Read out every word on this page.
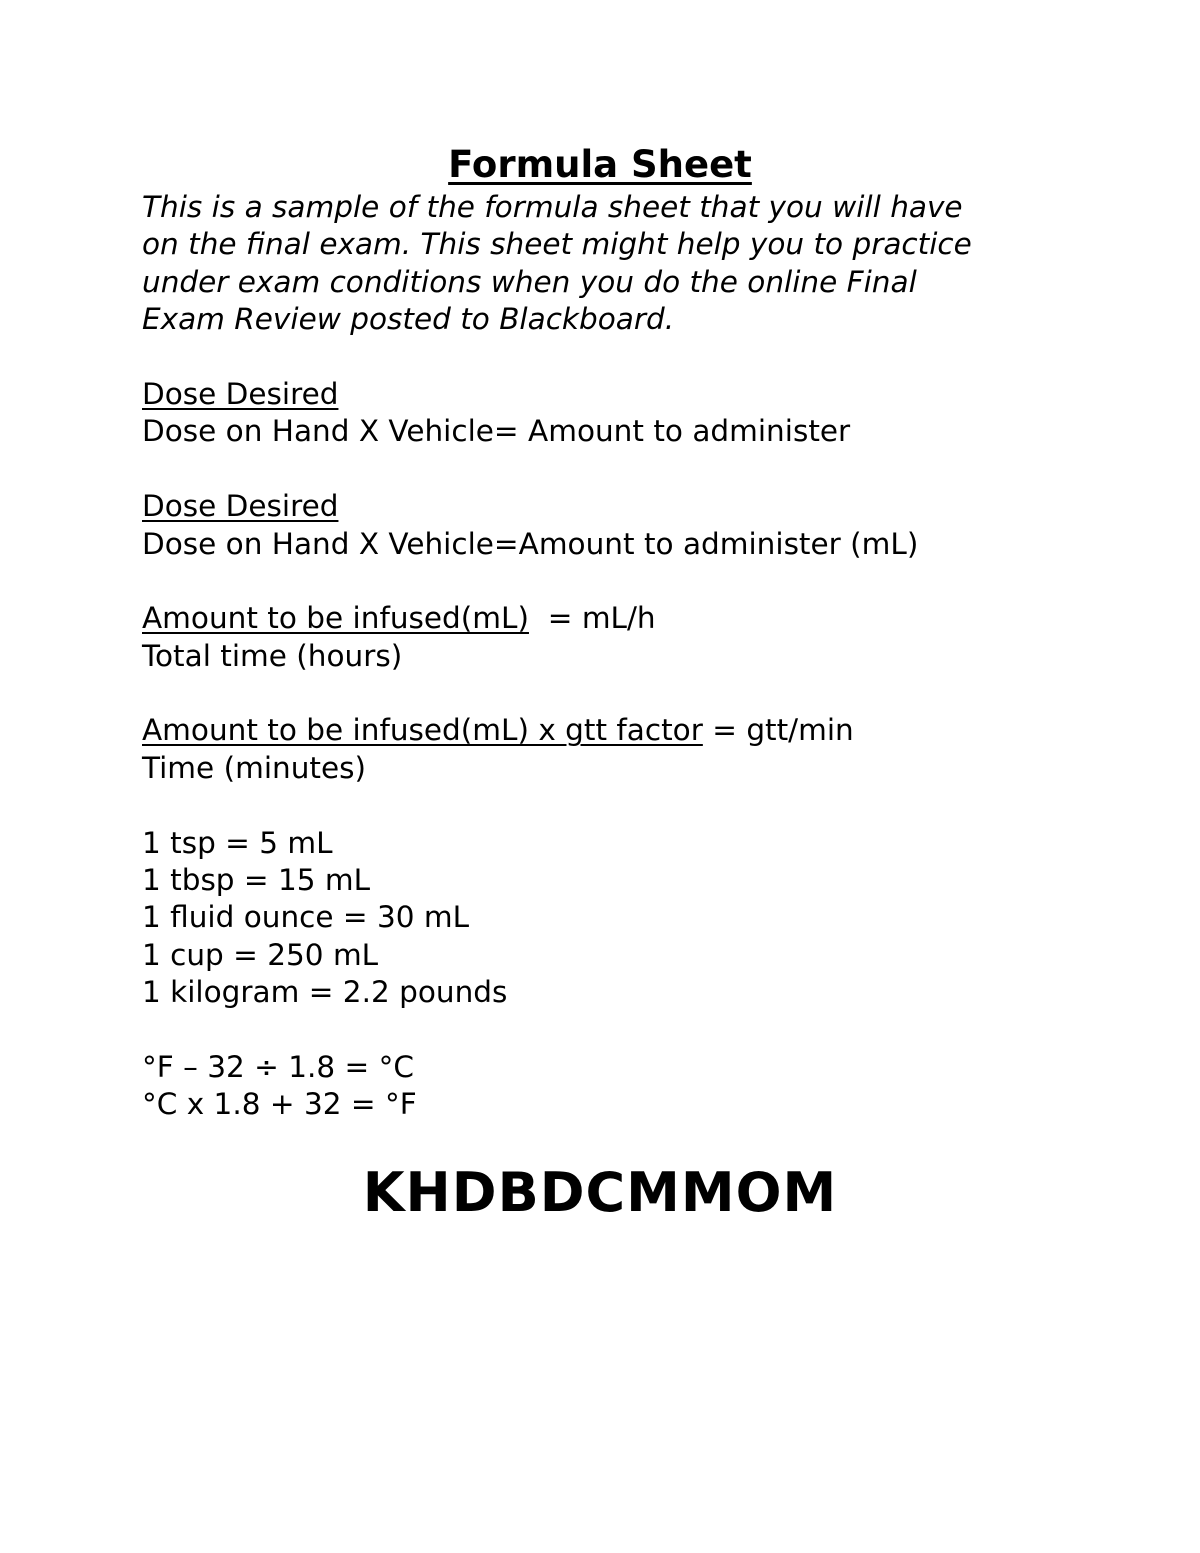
Formula Sheet
This is a sample of the formula sheet that you will have
on the final exam. This sheet might help you to practice
under exam conditions when you do the online Final
Exam Review posted to Blackboard.
Dose Desired
Dose on Hand X Vehicle= Amount to administer
Dose Desired
Dose on Hand X Vehicle=Amount to administer (mL)
Amount to be infused(mL)  = mL/h
Total time (hours)
Amount to be infused(mL) x gtt factor = gtt/min
Time (minutes)
1 tsp = 5 mL
1 tbsp = 15 mL
1 fluid ounce = 30 mL
1 cup = 250 mL
1 kilogram = 2.2 pounds
°F – 32 ÷ 1.8 = °C
°C x 1.8 + 32 = °F
KHDBDCMMOM
